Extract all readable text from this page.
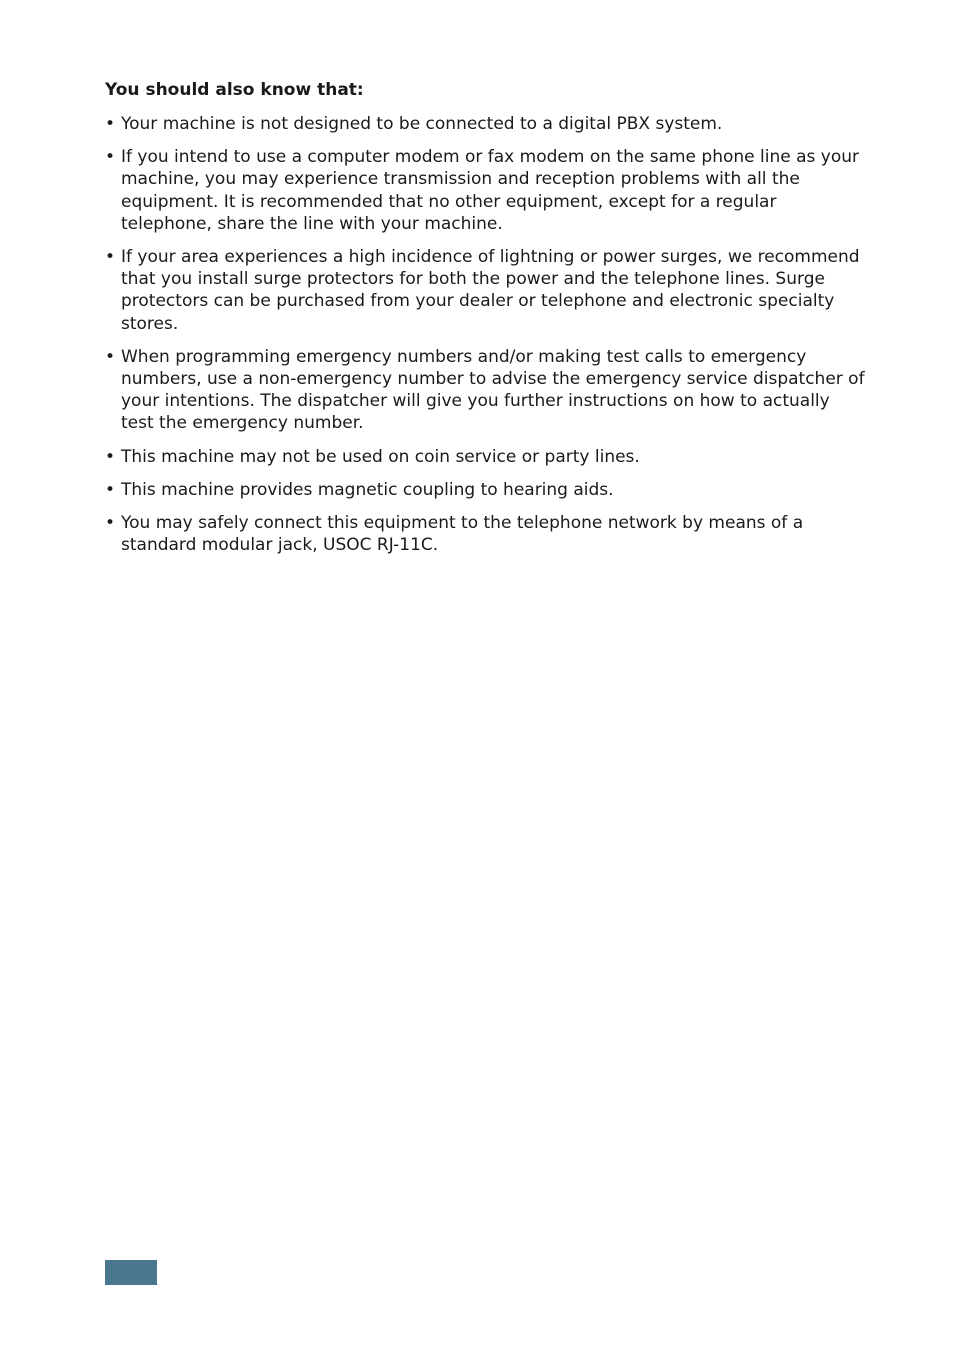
You should also know that:
• Your machine is not designed to be connected to a digital PBX system.
• If you intend to use a computer modem or fax modem on the same phone line as your machine, you may experience transmission and reception problems with all the equipment. It is recommended that no other equipment, except for a regular telephone, share the line with your machine.
• If your area experiences a high incidence of lightning or power surges, we recommend that you install surge protectors for both the power and the telephone lines. Surge protectors can be purchased from your dealer or telephone and electronic specialty stores.
• When programming emergency numbers and/or making test calls to emergency numbers, use a non-emergency number to advise the emergency service dispatcher of your intentions. The dispatcher will give you further instructions on how to actually test the emergency number.
• This machine may not be used on coin service or party lines.
• This machine provides magnetic coupling to hearing aids.
• You may safely connect this equipment to the telephone network by means of a standard modular jack, USOC RJ-11C.
